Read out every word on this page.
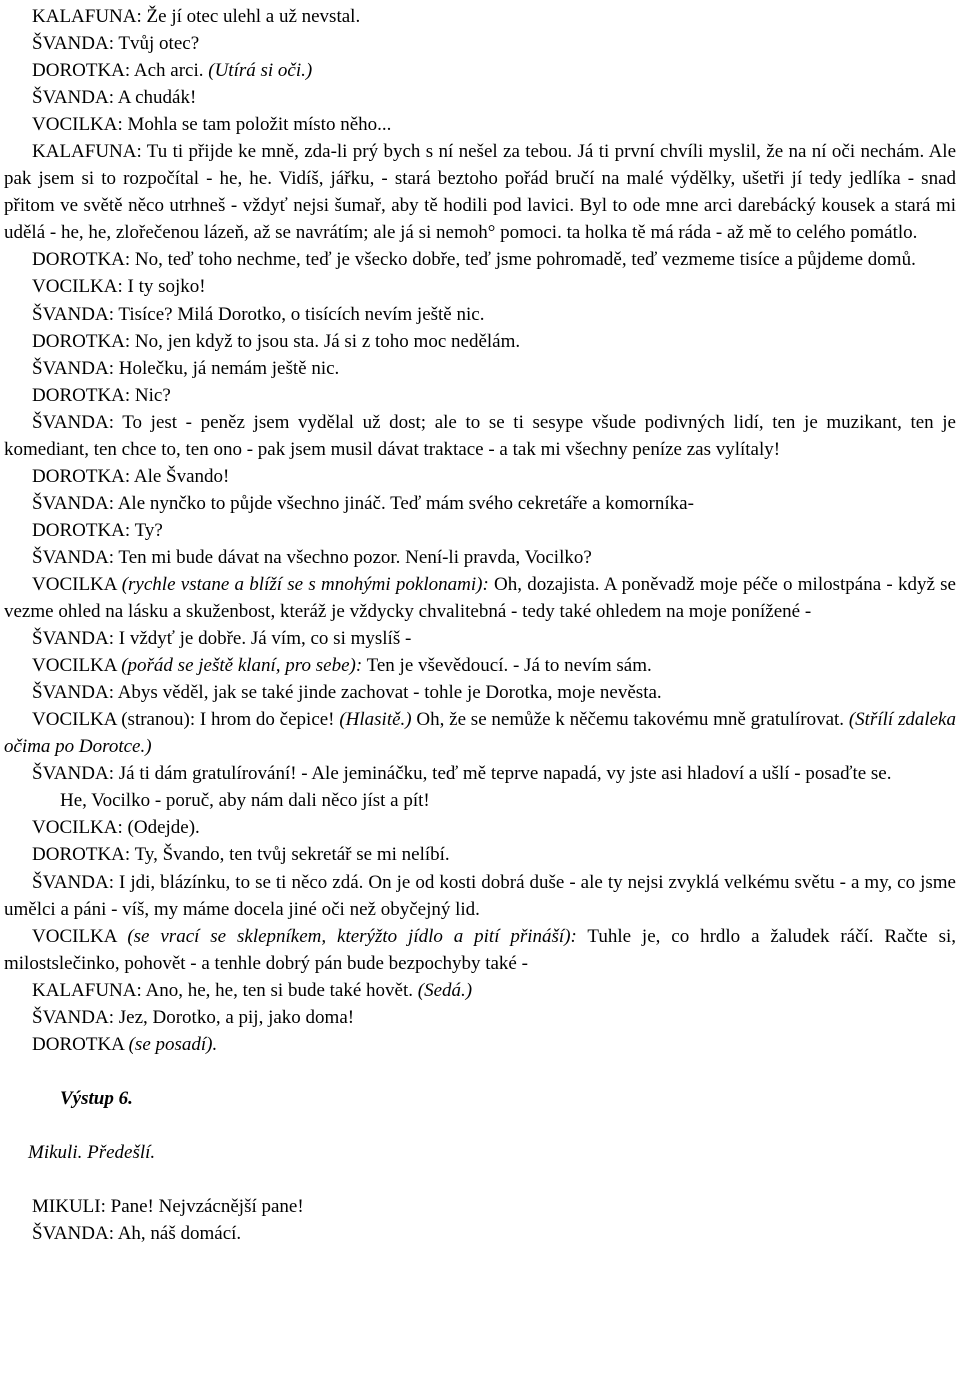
KALAFUNA: Že jí otec ulehl a už nevstal.

ŠVANDA: Tvůj otec?

DOROTKA: Ach arci. (Utírá si oči.)

ŠVANDA: A chudák!

VOCILKA: Mohla se tam položit místo něho...

KALAFUNA: Tu ti přijde ke mně, zda-li prý bych s ní nešel za tebou. Já ti první chvíli myslil, že na ní oči nechám. Ale pak jsem si to rozpočítal - he, he. Vidíš, jářku, - stará beztoho pořád bručí na malé výdělky, ušetři jí tedy jedlíka - snad přitom ve světě něco utrhneš - vždyť nejsi šumař, aby tě hodili pod lavici. Byl to ode mne arci darebácký kousek a stará mi udělá - he, he, zlořečenou lázeň, až se navrátím; ale já si nemoh° pomoci. ta holka tě má ráda - až mě to celého pomátlo.

DOROTKA: No, teď toho nechme, teď je všecko dobře, teď jsme pohromadě, teď vezmeme tisíce a půjdeme domů.

VOCILKA: I ty sojko!

ŠVANDA: Tisíce? Milá Dorotko, o tisících nevím ještě nic.

DOROTKA: No, jen když to jsou sta. Já si z toho moc nedělám.

ŠVANDA: Holečku, já nemám ještě nic.

DOROTKA: Nic?

ŠVANDA: To jest - peněz jsem vydělal už dost; ale to se ti sesype všude podivných lidí, ten je muzikant, ten je komediant, ten chce to, ten ono - pak jsem musil dávat traktace - a tak mi všechny peníze zas vylítaly!

DOROTKA: Ale Švando!

ŠVANDA: Ale nynčko to půjde všechno jináč. Teď mám svého cekretáře a komorníka-

DOROTKA: Ty?

ŠVANDA: Ten mi bude dávat na všechno pozor. Není-li pravda, Vocilko?

VOCILKA (rychle vstane a blíží se s mnohými poklonami): Oh, dozajista. A poněvadž moje péče o milostpána - když se vezme ohled na lásku a skuženbost, kteráž je vždycky chvalitebná - tedy také ohledem na moje ponížené -

ŠVANDA: I vždyť je dobře. Já vím, co si myslíš -

VOCILKA (pořád se ještě klaní, pro sebe): Ten je vševědoucí. - Já to nevím sám.

ŠVANDA: Abys věděl, jak se také jinde zachovat - tohle je Dorotka, moje nevěsta.

VOCILKA (stranou): I hrom do čepice! (Hlasitě.) Oh, že se nemůže k něčemu takovému mně gratulírovat. (Střílí zdaleka očima po Dorotce.)

ŠVANDA: Já ti dám gratulírování! - Ale jemináčku, teď mě teprve napadá, vy jste asi hladoví a ušlí - posaďte se.

He, Vocilko - poruč, aby nám dali něco jíst a pít!

VOCILKA: (Odejde).

DOROTKA: Ty, Švando, ten tvůj sekretář se mi nelíbí.

ŠVANDA: I jdi, blázínku, to se ti něco zdá. On je od kosti dobrá duše - ale ty nejsi zvyklá velkému světu - a my, co jsme umělci a páni - víš, my máme docela jiné oči než obyčejný lid.

VOCILKA (se vrací se sklepníkem, kterýžto jídlo a pití přináší): Tuhle je, co hrdlo a žaludek ráčí. Račte si, milostslečinko, pohovět - a tenhle dobrý pán bude bezpochyby také -

KALAFUNA: Ano, he, he, ten si bude také hovět. (Sedá.)

ŠVANDA: Jez, Dorotko, a pij, jako doma!

DOROTKA (se posadí).

Výstup 6.

Mikuli. Předešlí.

MIKULI: Pane! Nejvzácnější pane!

ŠVANDA: Ah, náš domácí.
